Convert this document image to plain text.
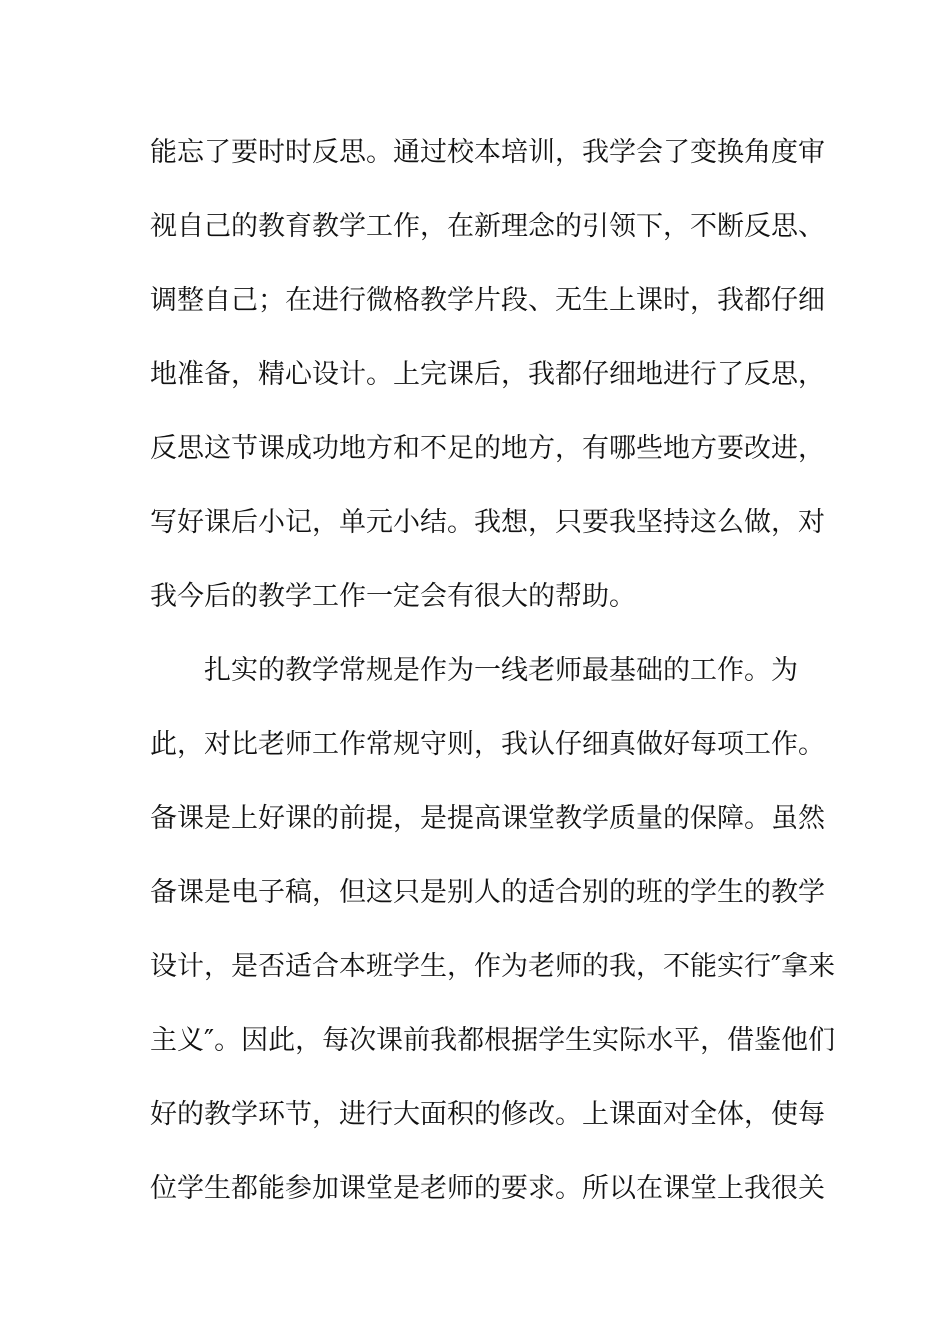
能忘了要时时反思。通过校本培训，我学会了变换角度审

视自己的教育教学工作，在新理念的引领下，不断反思、

调整自己；在进行微格教学片段、无生上课时，我都仔细

地准备，精心设计。上完课后，我都仔细地进行了反思，

反思这节课成功地方和不足的地方，有哪些地方要改进，

写好课后小记，单元小结。我想，只要我坚持这么做，对

我今后的教学工作一定会有很大的帮助。

扎实的教学常规是作为一线老师最基础的工作。为

此，对比老师工作常规守则，我认仔细真做好每项工作。

备课是上好课的前提，是提高课堂教学质量的保障。虽然

备课是电子稿，但这只是别人的适合别的班的学生的教学

设计，是否适合本班学生，作为老师的我，不能实行″拿来

主义″。因此，每次课前我都根据学生实际水平，借鉴他们

好的教学环节，进行大面积的修改。上课面对全体，使每

位学生都能参加课堂是老师的要求。所以在课堂上我很关
